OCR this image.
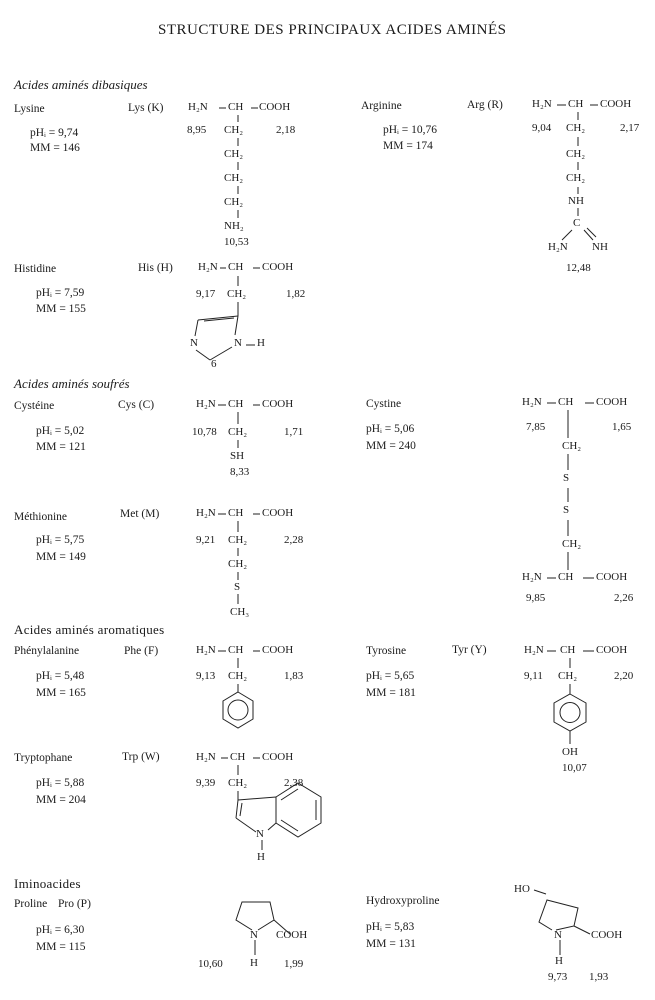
STRUCTURE DES PRINCIPAUX ACIDES AMINÉS
Acides aminés dibasiques
Lysine	Lys (K)
pHᵢ = 9,74
MM = 146
H₂N CH COOH
CH₂
CH₂
CH₂
CH₂
NH₂
8,95	2,18
10,53
Arginine	Arg (R)
pHᵢ = 10,76
MM = 174
H₂N CH COOH
CH₂
CH₂
CH₂
NH
C
H₂N NH
9,04	2,17
12,48
Histidine	His (H)
pHᵢ = 7,59
MM = 155
H₂N CH COOH
CH₂
N	N H
9,17	1,82
6
Acides aminés soufrés
Cystéine	Cys (C)
pHᵢ = 5,02
MM = 121
H₂N CH COOH
CH₂
SH
10,78	1,71
8,33
Cystine
pHᵢ = 5,06
MM = 240
H₂N CH COOH
7,85	1,65
CH₂
S
S
CH₂
H₂N CH COOH
9,85	2,26
Méthionine	Met (M)
pHᵢ = 5,75
MM = 149
H₂N CH COOH
CH₂
CH₂
S
CH₃
9,21	2,28
Acides aminés aromatiques
Phénylalanine	Phe (F)
pHᵢ = 5,48
MM = 165
H₂N CH COOH
CH₂
9,13	1,83
Tyrosine	Tyr (Y)
pHᵢ = 5,65
MM = 181
H₂N CH COOH
CH₂
OH
9,11	2,20
10,07
Tryptophane	Trp (W)
pHᵢ = 5,88
MM = 204
H₂N CH COOH
CH₂
N
H
9,39	2,38
Iminoacides
Proline Pro (P)
pHᵢ = 6,30
MM = 115
N COOH
H
10,60	1,99
Hydroxyproline
pHᵢ = 5,83
MM = 131
HO
N	COOH
H
9,73 1,93
